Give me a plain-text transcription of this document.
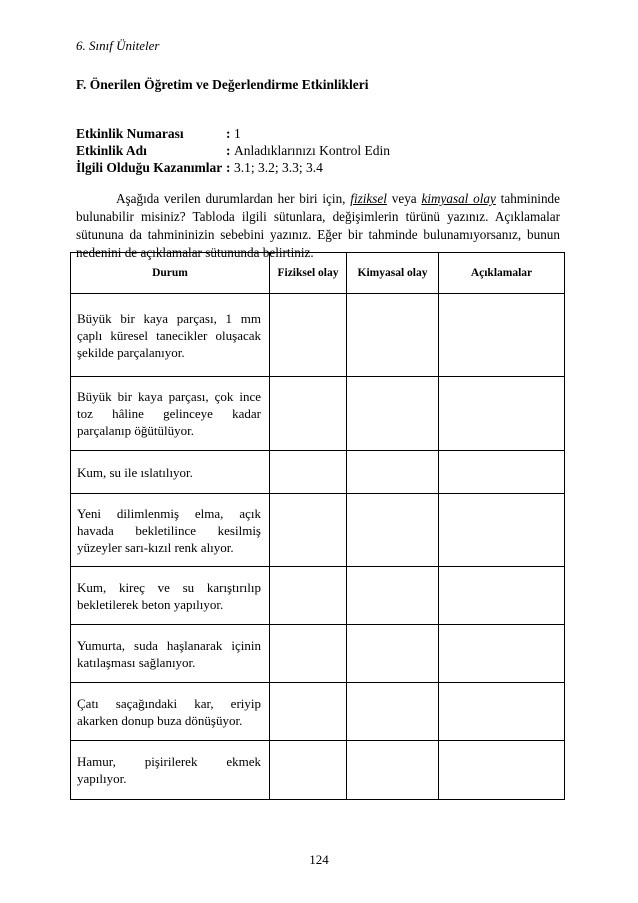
6. Sınıf Üniteler
F. Önerilen Öğretim ve Değerlendirme Etkinlikleri
Etkinlik Numarası	: 1
Etkinlik Adı	: Anladıklarınızı Kontrol Edin
İlgili Olduğu Kazanımlar : 3.1; 3.2; 3.3; 3.4

Aşağıda verilen durumlardan her biri için, fiziksel veya kimyasal olay tahmininde bulunabilir misiniz? Tabloda ilgili sütunlara, değişimlerin türünü yazınız. Açıklamalar sütununa da tahmininizin sebebini yazınız. Eğer bir tahminde bulunamıyorsanız, bunun nedenini de açıklamalar sütununda belirtiniz.

Durum	Fiziksel olay	Kimyasal olay	Açıklamalar
Büyük bir kaya parçası, 1 mm çaplı küresel tanecikler oluşacak şekilde parçalanıyor.			
Büyük bir kaya parçası, çok ince toz hâline gelinceye kadar parçalanıp öğütülüyor.			
Kum, su ile ıslatılıyor.			
Yeni dilimlenmiş elma, açık havada bekletilince kesilmiş yüzeyler sarı-kızıl renk alıyor.			
Kum, kireç ve su karıştırılıp bekletilerek beton yapılıyor.			
Yumurta, suda haşlanarak içinin katılaşması sağlanıyor.			
Çatı saçağındaki kar, eriyip akarken donup buza dönüşüyor.			
Hamur, pişirilerek ekmek yapılıyor.			
124
